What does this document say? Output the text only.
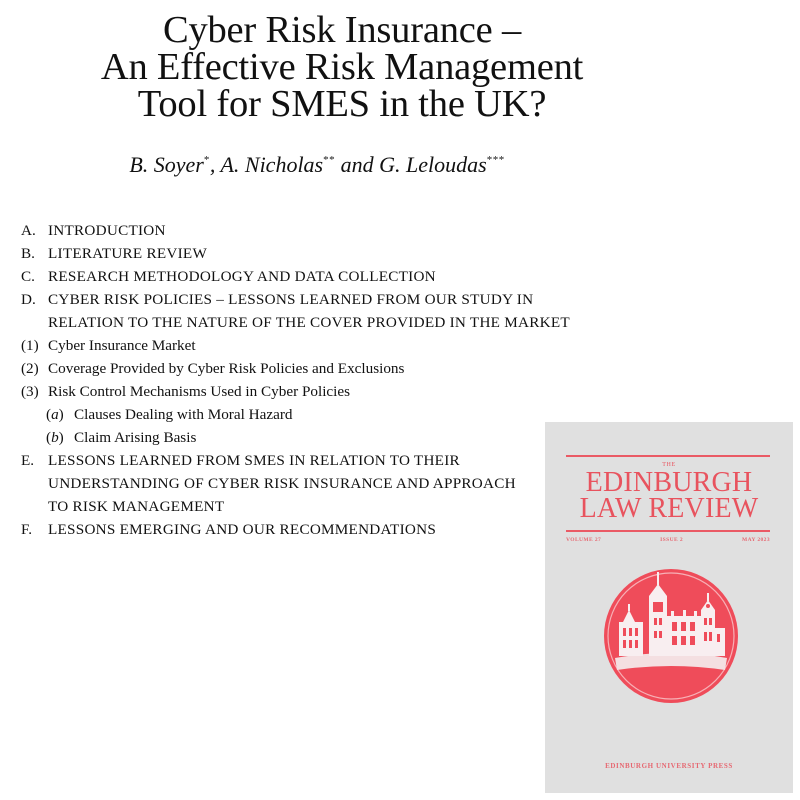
Cyber Risk Insurance –
An Effective Risk Management
Tool for SMES in the UK?
B. Soyer*, A. Nicholas** and G. Leloudas***
A. INTRODUCTION
B. LITERATURE REVIEW
C. RESEARCH METHODOLOGY AND DATA COLLECTION
D. CYBER RISK POLICIES – LESSONS LEARNED FROM OUR STUDY IN RELATION TO THE NATURE OF THE COVER PROVIDED IN THE MARKET
(1) Cyber Insurance Market
(2) Coverage Provided by Cyber Risk Policies and Exclusions
(3) Risk Control Mechanisms Used in Cyber Policies
(a) Clauses Dealing with Moral Hazard
(b) Claim Arising Basis
E. LESSONS LEARNED FROM SMES IN RELATION TO THEIR UNDERSTANDING OF CYBER RISK INSURANCE AND APPROACH TO RISK MANAGEMENT
F.	LESSONS EMERGING AND OUR RECOMMENDATIONS
THE
EDINBURGH
LAW REVIEW
VOLUME 27	ISSUE 2	MAY 2023
EDINBURGH UNIVERSITY PRESS
